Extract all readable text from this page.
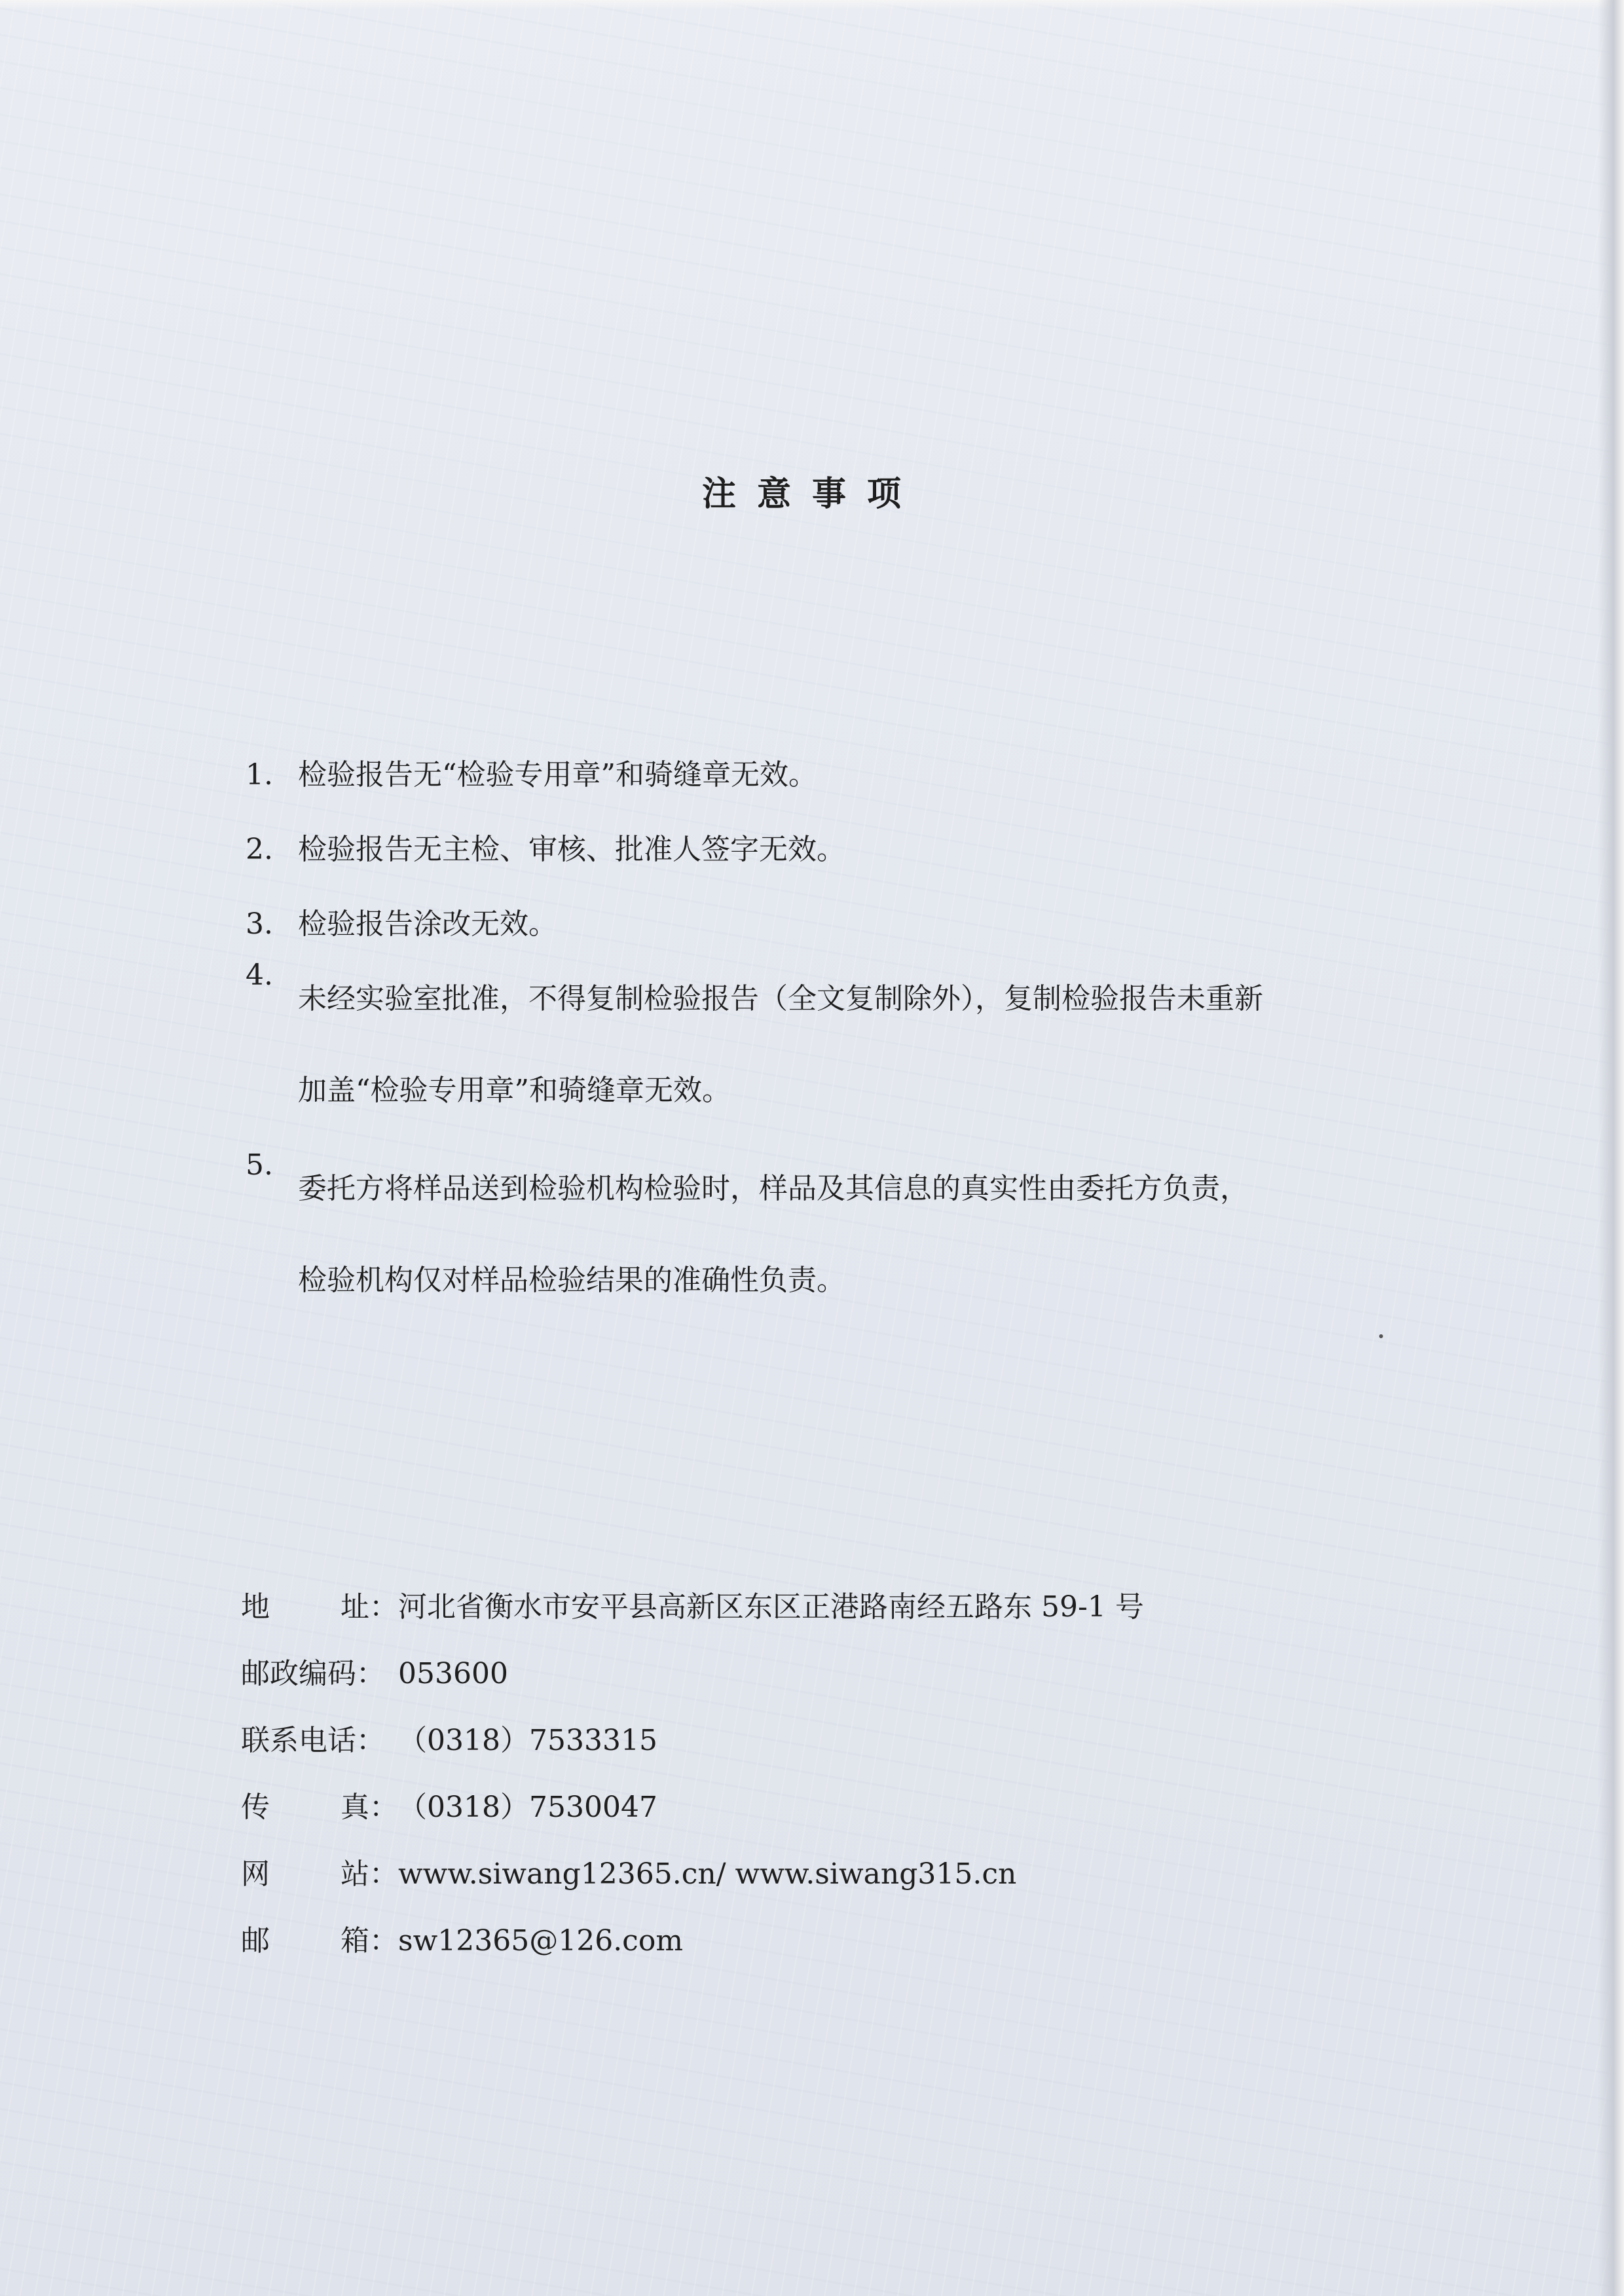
注意事项
1. 检验报告无“检验专用章”和骑缝章无效。
2. 检验报告无主检、审核、批准人签字无效。
3. 检验报告涂改无效。
4.
未经实验室批准，不得复制检验报告（全文复制除外），复制检验报告未重新
加盖“检验专用章”和骑缝章无效。
5.
委托方将样品送到检验机构检验时，样品及其信息的真实性由委托方负责，
检验机构仅对样品检验结果的准确性负责。
地 址： 河北省衡水市安平县高新区东区正港路南经五路东 59-1 号
邮政编码： 053600
联系电话： （0318）7533315
传 真： （0318）7530047
网 站： www.siwang12365.cn/ www.siwang315.cn
邮 箱： sw12365@126.com
